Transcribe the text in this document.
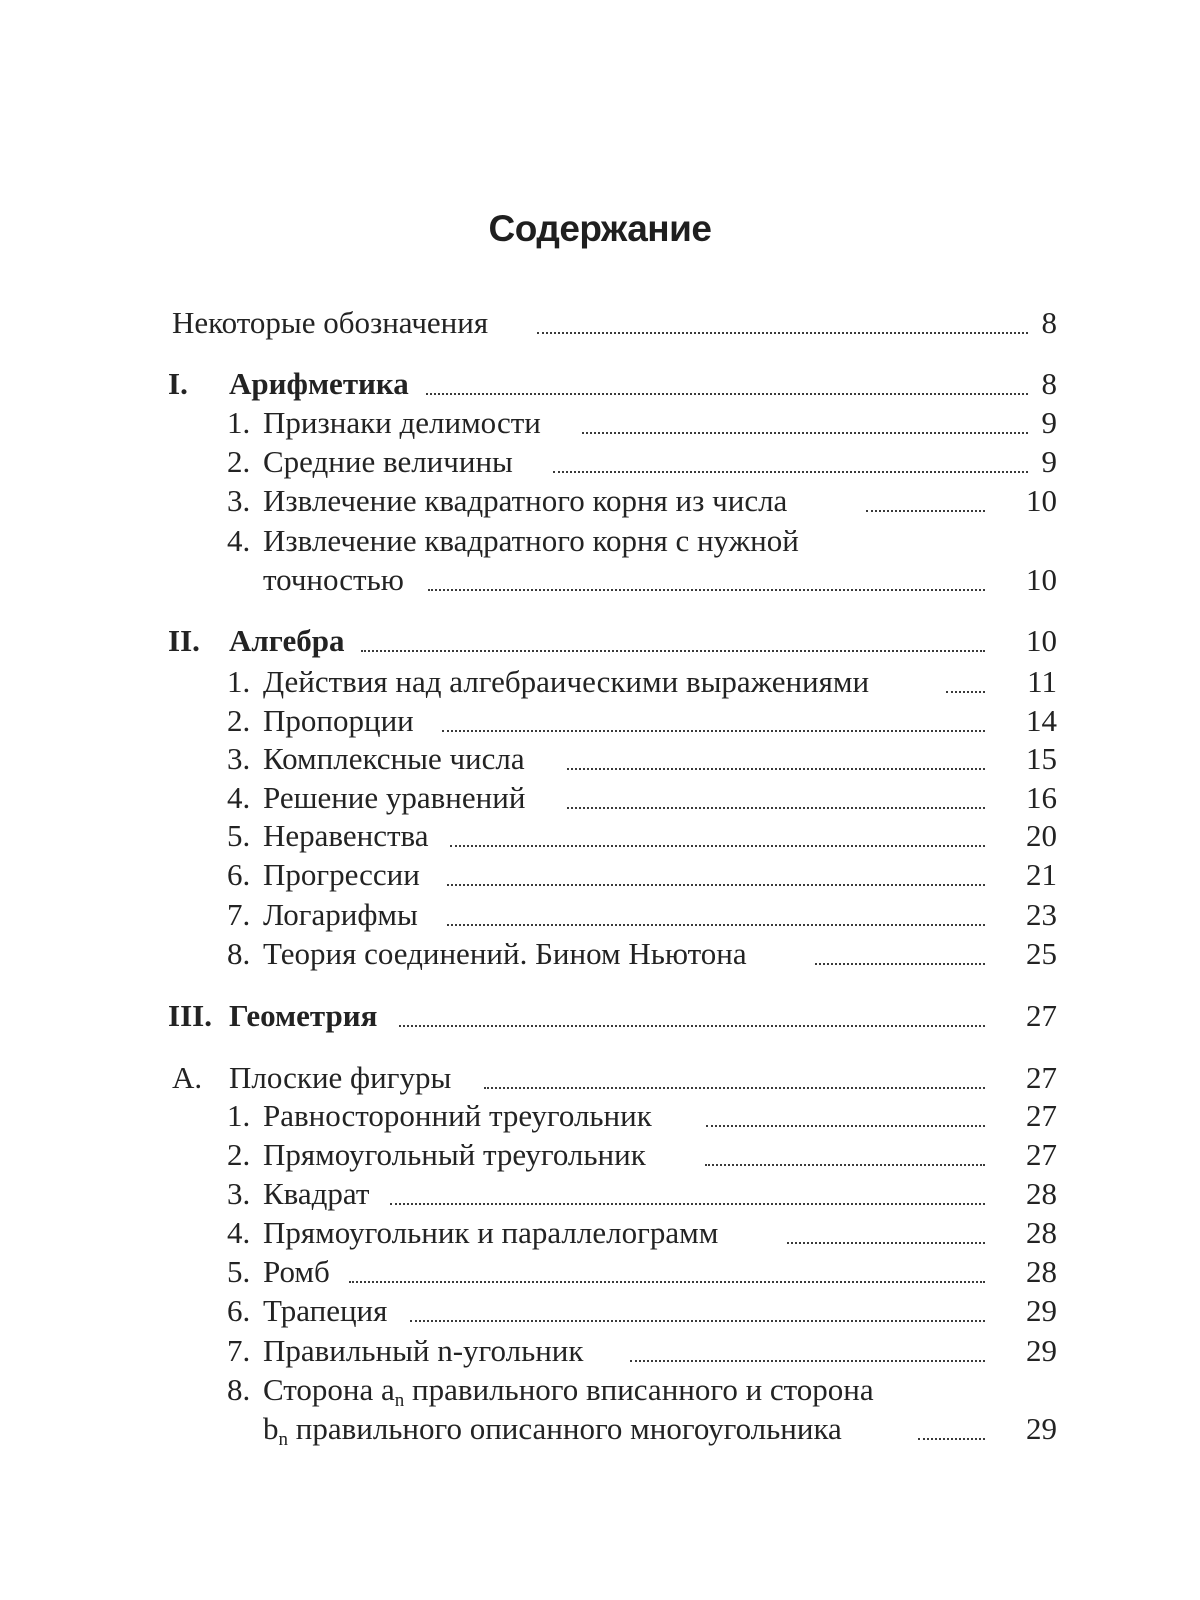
Содержание
Некоторые обозначения	8
I. Арифметика	8
1. Признаки делимости	9
2. Средние величины	9
3. Извлечение квадратного корня из числа	10
4. Извлечение квадратного корня с нужной
точностью	10
II. Алгебра	10
1. Действия над алгебраическими выражениями	11
2. Пропорции	14
3. Комплексные числа	15
4. Решение уравнений	16
5. Неравенства	20
6. Прогрессии	21
7. Логарифмы	23
8. Теория соединений. Бином Ньютона	25
III. Геометрия	27
А. Плоские фигуры	27
1. Равносторонний треугольник	27
2. Прямоугольный треугольник	27
3. Квадрат	28
4. Прямоугольник и параллелограмм	28
5. Ромб	28
6. Трапеция	29
7. Правильный n-угольник	29
8. Сторона $a_n$ правильного вписанного и сторона
$b_n$ правильного описанного многоугольника	29
